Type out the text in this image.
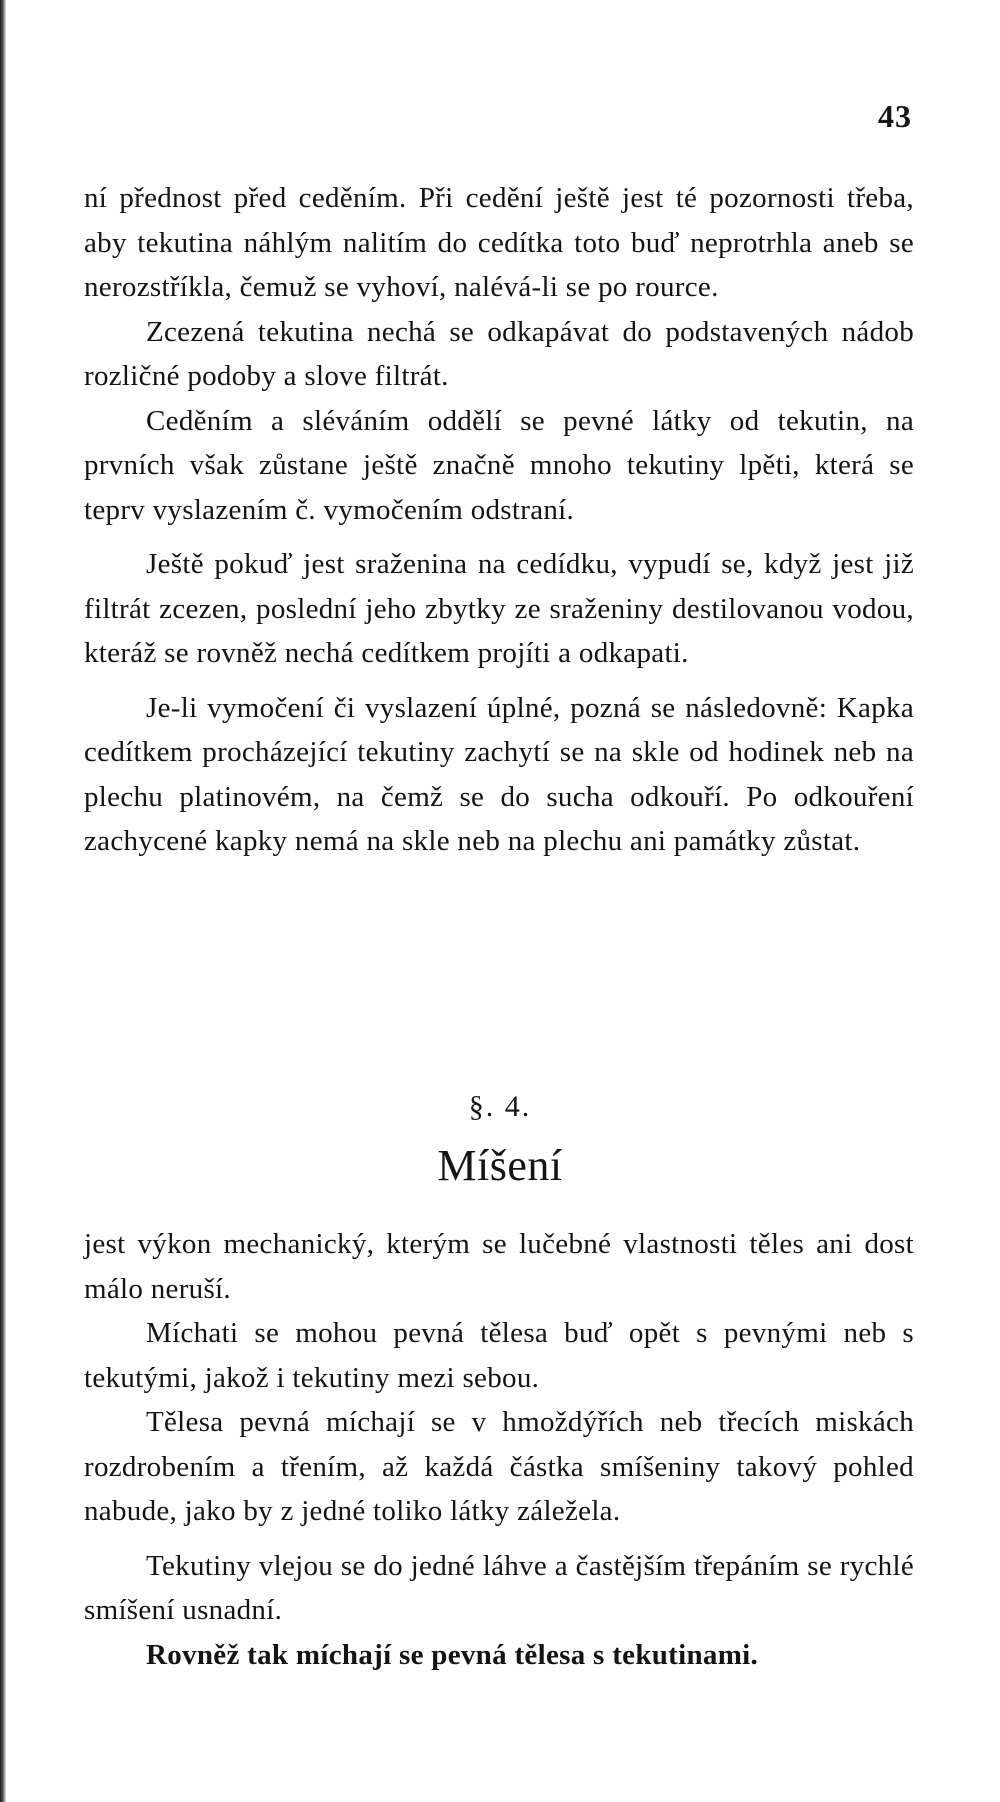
43

ní přednost před ceděním. Při cedění ještě jest té pozornosti třeba, aby tekutina náhlým nalitím do cedítka toto buď neprotrhla aneb se nerozstříkla, čemuž se vyhoví, nalévá-li se po rource.

Zcezená tekutina nechá se odkapávat do podstavených nádob rozličné podoby a slove filtrát.

Ceděním a sléváním oddělí se pevné látky od tekutin, na prvních však zůstane ještě značně mnoho tekutiny lpěti, která se teprv vyslazením č. vymočením odstraní.

Ještě pokuď jest sraženina na cedídku, vypudí se, když jest již filtrát zcezen, poslední jeho zbytky ze sraženiny destilovanou vodou, kteráž se rovněž nechá cedítkem projíti a odkapati.

Je-li vymočení či vyslazení úplné, pozná se následovně: Kapka cedítkem procházející tekutiny zachytí se na skle od hodinek neb na plechu platinovém, na čemž se do sucha odkouří. Po odkouření zachycené kapky nemá na skle neb na plechu ani památky zůstat.

§. 4.
Míšení

jest výkon mechanický, kterým se lučebné vlastnosti těles ani dost málo neruší.

Míchati se mohou pevná tělesa buď opět s pevnými neb s tekutými, jakož i tekutiny mezi sebou.

Tělesa pevná míchají se v hmoždýřích neb třecích miskách rozdrobením a třením, až každá částka smíšeniny takový pohled nabude, jako by z jedné toliko látky záležela.

Tekutiny vlejou se do jedné láhve a častějším třepáním se rychlé smíšení usnadní.

Rovněž tak míchají se pevná tělesa s tekutinami.
